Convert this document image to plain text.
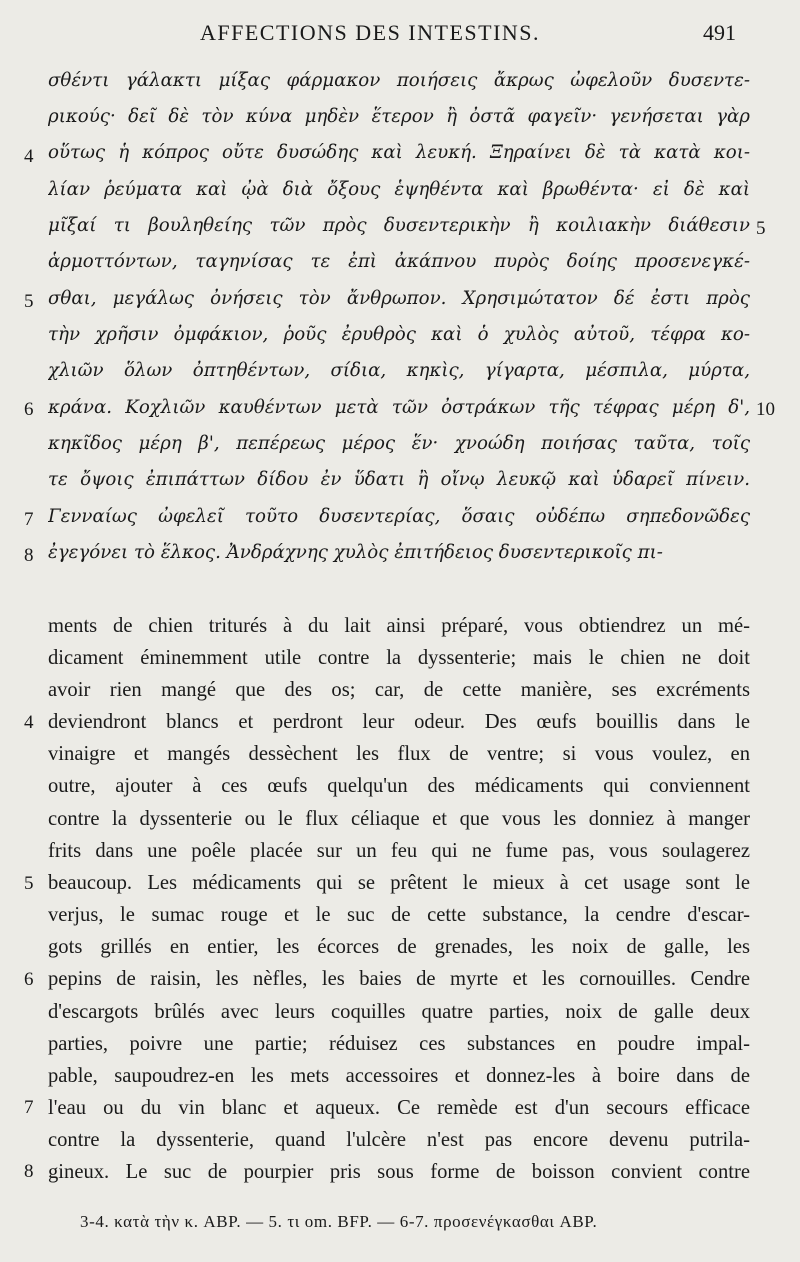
AFFECTIONS DES INTESTINS.	491
σθέντι γάλακτι μίξας φάρμακον ποιήσεις ἄκρως ὠφελοῦν δυσεντε-
ρικούς· δεῖ δὲ τὸν κύνα μηδὲν ἕτερον ἢ ὀστᾶ φαγεῖν· γενήσεται γὰρ
οὕτως ἡ κόπρος οὔτε δυσώδης καὶ λευκή. Ξηραίνει δὲ τὰ κατὰ κοι-
λίαν ῥεύματα καὶ ᾠὰ διὰ ὄξους ἑψηθέντα καὶ βρωθέντα· εἰ δὲ καὶ
μῖξαί τι βουληθείης τῶν πρὸς δυσεντερικὴν ἢ κοιλιακὴν διάθεσιν
ἁρμοττόντων, ταγηνίσας τε ἐπὶ ἀκάπνου πυρὸς δοίης προσενεγκέ-
σθαι, μεγάλως ὀνήσεις τὸν ἄνθρωπον. Χρησιμώτατον δέ ἐστι πρὸς
τὴν χρῆσιν ὀμφάκιον, ῥοῦς ἐρυθρὸς καὶ ὁ χυλὸς αὐτοῦ, τέφρα κο-
χλιῶν ὅλων ὀπτηθέντων, σίδια, κηκὶς, γίγαρτα, μέσπιλα, μύρτα,
κράνα. Κοχλιῶν καυθέντων μετὰ τῶν ὀστράκων τῆς τέφρας μέρη δ',
κηκῖδος μέρη β', πεπέρεως μέρος ἕν· χνοώδη ποιήσας ταῦτα, τοῖς
τε ὄψοις ἐπιπάττων δίδου ἐν ὕδατι ἢ οἴνῳ λευκῷ καὶ ὑδαρεῖ πίνειν.
Γενναίως ὠφελεῖ τοῦτο δυσεντερίας, ὅσαις οὐδέπω σηπεδονῶδες
ἐγεγόνει τὸ ἕλκος. Ἀνδράχνης χυλὸς ἐπιτήδειος δυσεντερικοῖς πι-
4
5
6
7
8
5
10
ments de chien triturés à du lait ainsi préparé, vous obtiendrez un mé-
dicament éminemment utile contre la dyssenterie; mais le chien ne doit
avoir rien mangé que des os; car, de cette manière, ses excréments
deviendront blancs et perdront leur odeur. Des œufs bouillis dans le
vinaigre et mangés dessèchent les flux de ventre; si vous voulez, en
outre, ajouter à ces œufs quelqu'un des médicaments qui conviennent
contre la dyssenterie ou le flux céliaque et que vous les donniez à manger
frits dans une poêle placée sur un feu qui ne fume pas, vous soulagerez
beaucoup. Les médicaments qui se prêtent le mieux à cet usage sont le
verjus, le sumac rouge et le suc de cette substance, la cendre d'escar-
gots grillés en entier, les écorces de grenades, les noix de galle, les
pepins de raisin, les nèfles, les baies de myrte et les cornouilles. Cendre
d'escargots brûlés avec leurs coquilles quatre parties, noix de galle deux
parties, poivre une partie; réduisez ces substances en poudre impal-
pable, saupoudrez-en les mets accessoires et donnez-les à boire dans de
l'eau ou du vin blanc et aqueux. Ce remède est d'un secours efficace
contre la dyssenterie, quand l'ulcère n'est pas encore devenu putrila-
gineux. Le suc de pourpier pris sous forme de boisson convient contre
4
5
6
7
8
3-4. κατὰ τὴν κ. ABP. — 5. τι om. BFP. — 6-7. προσενέγκασθαι ABP.
